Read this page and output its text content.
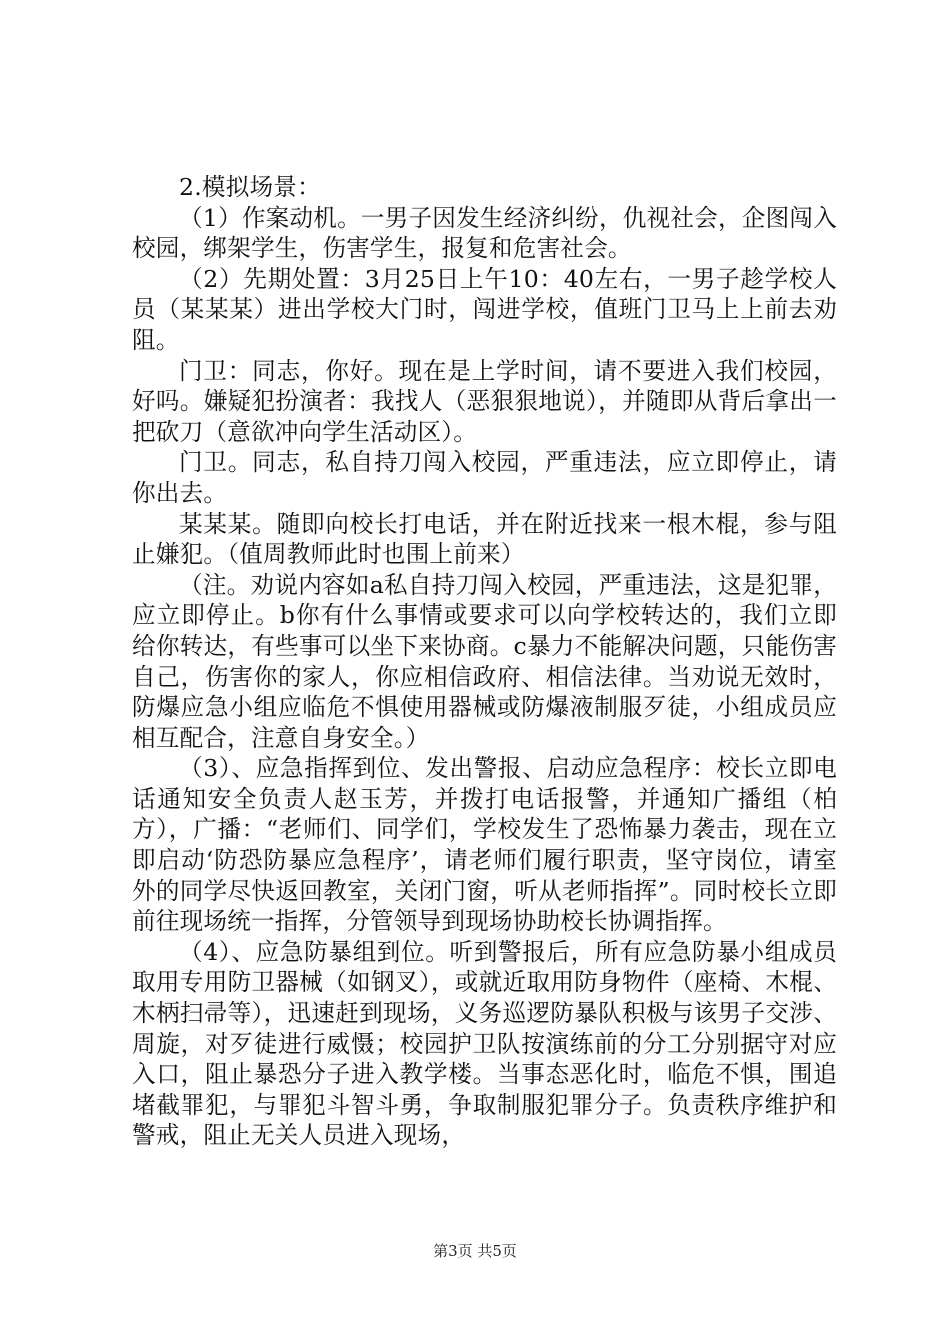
2.模拟场景：

（1）作案动机。一男子因发生经济纠纷，仇视社会，企图闯入校园，绑架学生，伤害学生，报复和危害社会。

（2）先期处置：3月25日上午10：40左右，一男子趁学校人员（某某某）进出学校大门时，闯进学校，值班门卫马上上前去劝阻。

门卫：同志，你好。现在是上学时间，请不要进入我们校园，好吗。嫌疑犯扮演者：我找人（恶狠狠地说），并随即从背后拿出一把砍刀（意欲冲向学生活动区）。

门卫。同志，私自持刀闯入校园，严重违法，应立即停止，请你出去。

某某某。随即向校长打电话，并在附近找来一根木棍，参与阻止嫌犯。（值周教师此时也围上前来）

（注。劝说内容如a私自持刀闯入校园，严重违法，这是犯罪，应立即停止。b你有什么事情或要求可以向学校转达的，我们立即给你转达，有些事可以坐下来协商。c暴力不能解决问题，只能伤害自己，伤害你的家人，你应相信政府、相信法律。当劝说无效时，防爆应急小组应临危不惧使用器械或防爆液制服歹徒，小组成员应相互配合，注意自身安全。）

（3）、应急指挥到位、发出警报、启动应急程序：校长立即电话通知安全负责人赵玉芳，并拨打电话报警，并通知广播组（柏方），广播：“老师们、同学们，学校发生了恐怖暴力袭击，现在立即启动‘防恐防暴应急程序’，请老师们履行职责，坚守岗位，请室外的同学尽快返回教室，关闭门窗，听从老师指挥”。同时校长立即前往现场统一指挥，分管领导到现场协助校长协调指挥。

（4）、应急防暴组到位。听到警报后，所有应急防暴小组成员取用专用防卫器械（如钢叉），或就近取用防身物件（座椅、木棍、木柄扫帚等），迅速赶到现场，义务巡逻防暴队积极与该男子交涉、周旋，对歹徒进行威慑；校园护卫队按演练前的分工分别据守对应入口，阻止暴恐分子进入教学楼。当事态恶化时，临危不惧，围追堵截罪犯，与罪犯斗智斗勇，争取制服犯罪分子。负责秩序维护和警戒，阻止无关人员进入现场，

第3页 共5页
